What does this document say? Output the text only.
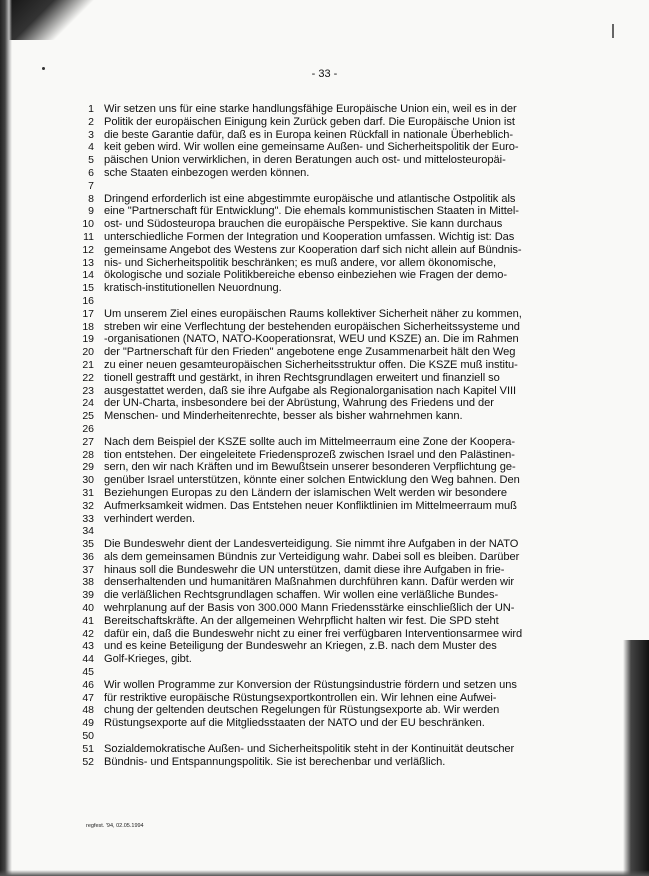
- 33 -
1 Wir setzen uns für eine starke handlungsfähige Europäische Union ein, weil es in der
2 Politik der europäischen Einigung kein Zurück geben darf. Die Europäische Union ist
3 die beste Garantie dafür, daß es in Europa keinen Rückfall in nationale Überheblich-
4 keit geben wird. Wir wollen eine gemeinsame Außen- und Sicherheitspolitik der Euro-
5 päischen Union verwirklichen, in deren Beratungen auch ost- und mittelosteuropäi-
6 sche Staaten einbezogen werden können.
7
8 Dringend erforderlich ist eine abgestimmte europäische und atlantische Ostpolitik als
9 eine "Partnerschaft für Entwicklung". Die ehemals kommunistischen Staaten in Mittel-
10 ost- und Südosteuropa brauchen die europäische Perspektive. Sie kann durchaus
11 unterschiedliche Formen der Integration und Kooperation umfassen. Wichtig ist: Das
12 gemeinsame Angebot des Westens zur Kooperation darf sich nicht allein auf Bündnis-
13 nis- und Sicherheitspolitik beschränken; es muß andere, vor allem ökonomische,
14 ökologische und soziale Politikbereiche ebenso einbeziehen wie Fragen der demo-
15 kratisch-institutionellen Neuordnung.
16
17 Um unserem Ziel eines europäischen Raums kollektiver Sicherheit näher zu kommen,
18 streben wir eine Verflechtung der bestehenden europäischen Sicherheitssysteme und
19 -organisationen (NATO, NATO-Kooperationsrat, WEU und KSZE) an. Die im Rahmen
20 der "Partnerschaft für den Frieden" angebotene enge Zusammenarbeit hält den Weg
21 zu einer neuen gesamteuropäischen Sicherheitsstruktur offen. Die KSZE muß institu-
22 tionell gestrafft und gestärkt, in ihren Rechtsgrundlagen erweitert und finanziell so
23 ausgestattet werden, daß sie ihre Aufgabe als Regionalorganisation nach Kapitel VIII
24 der UN-Charta, insbesondere bei der Abrüstung, Wahrung des Friedens und der
25 Menschen- und Minderheitenrechte, besser als bisher wahrnehmen kann.
26
27 Nach dem Beispiel der KSZE sollte auch im Mittelmeerraum eine Zone der Koopera-
28 tion entstehen. Der eingeleitete Friedensprozeß zwischen Israel und den Palästinen-
29 sern, den wir nach Kräften und im Bewußtsein unserer besonderen Verpflichtung ge-
30 genüber Israel unterstützen, könnte einer solchen Entwicklung den Weg bahnen. Den
31 Beziehungen Europas zu den Ländern der islamischen Welt werden wir besondere
32 Aufmerksamkeit widmen. Das Entstehen neuer Konfliktlinien im Mittelmeerraum muß
33 verhindert werden.
34
35 Die Bundeswehr dient der Landesverteidigung. Sie nimmt ihre Aufgaben in der NATO
36 als dem gemeinsamen Bündnis zur Verteidigung wahr. Dabei soll es bleiben. Darüber
37 hinaus soll die Bundeswehr die UN unterstützen, damit diese ihre Aufgaben in frie-
38 denserhaltenden und humanitären Maßnahmen durchführen kann. Dafür werden wir
39 die verläßlichen Rechtsgrundlagen schaffen. Wir wollen eine verläßliche Bundes-
40 wehrplanung auf der Basis von 300.000 Mann Friedensstärke einschließlich der UN-
41 Bereitschaftskräfte. An der allgemeinen Wehrpflicht halten wir fest. Die SPD steht
42 dafür ein, daß die Bundeswehr nicht zu einer frei verfügbaren Interventionsarmee wird
43 und es keine Beteiligung der Bundeswehr an Kriegen, z.B. nach dem Muster des
44 Golf-Krieges, gibt.
45
46 Wir wollen Programme zur Konversion der Rüstungsindustrie fördern und setzen uns
47 für restriktive europäische Rüstungsexportkontrollen ein. Wir lehnen eine Aufwei-
48 chung der geltenden deutschen Regelungen für Rüstungsexporte ab. Wir werden
49 Rüstungsexporte auf die Mitgliedsstaaten der NATO und der EU beschränken.
50
51 Sozialdemokratische Außen- und Sicherheitspolitik steht in der Kontinuität deutscher
52 Bündnis- und Entspannungspolitik. Sie ist berechenbar und verläßlich.
regfest. '94, 02.05.1994
